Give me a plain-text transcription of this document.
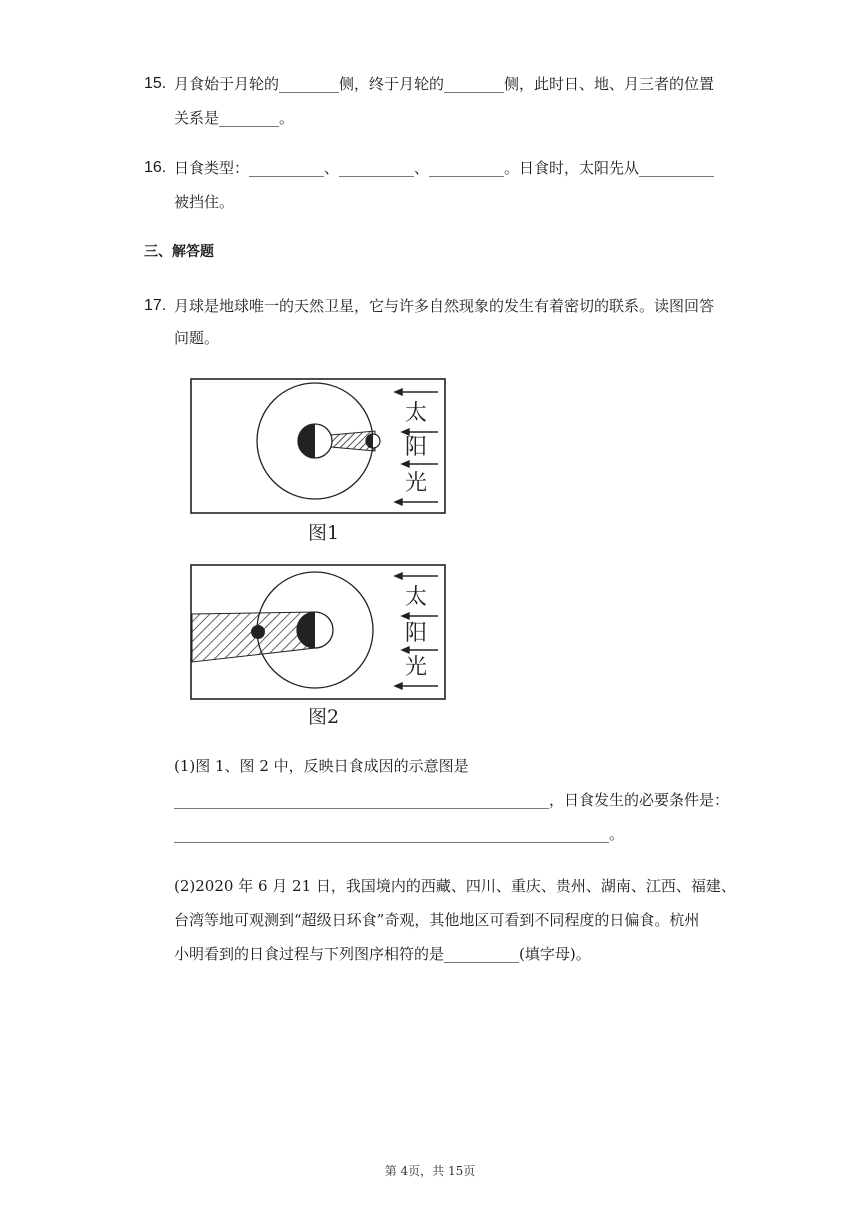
15. 月食始于月轮的________侧，终于月轮的________侧，此时日、地、月三者的位置
关系是________。
16. 日食类型：__________、__________、__________。日食时，太阳先从__________
被挡住。
三、解答题
17. 月球是地球唯一的天然卫星，它与许多自然现象的发生有着密切的联系。读图回答
问题。
太
阳
光
图1
太
阳
光
图2
(1)图 1、图 2 中，反映日食成因的示意图是
__________________________________________________，日食发生的必要条件是：
__________________________________________________________。
(2)2020 年 6 月 21 日，我国境内的西藏、四川、重庆、贵州、湖南、江西、福建、
台湾等地可观测到“超级日环食”奇观，其他地区可看到不同程度的日偏食。杭州
小明看到的日食过程与下列图序相符的是__________(填字母)。
第 4页，共 15页
